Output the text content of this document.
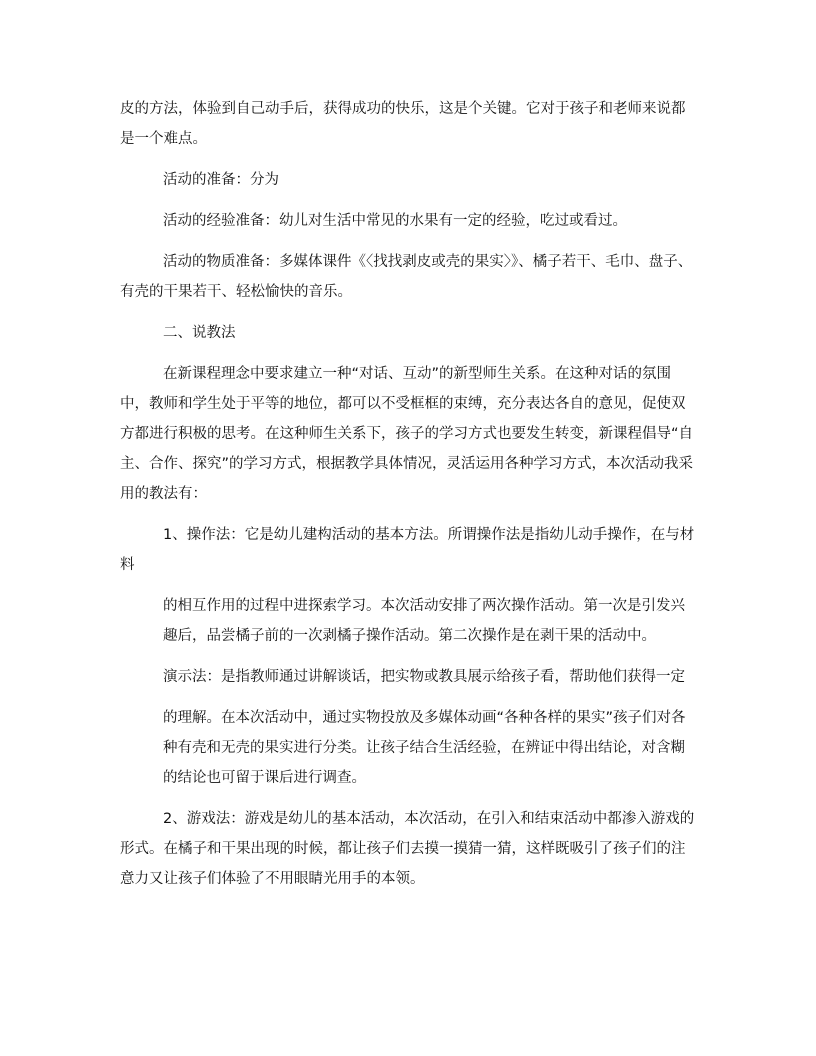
皮的方法，体验到自己动手后，获得成功的快乐，这是个关键。它对于孩子和老师来说都是一个难点。

活动的准备：分为

活动的经验准备：幼儿对生活中常见的水果有一定的经验，吃过或看过。

活动的物质准备：多媒体课件《〈找找剥皮或壳的果实〉》、橘子若干、毛巾、盘子、有壳的干果若干、轻松愉快的音乐。

二、说教法

在新课程理念中要求建立一种“对话、互动”的新型师生关系。在这种对话的氛围中，教师和学生处于平等的地位，都可以不受框框的束缚，充分表达各自的意见，促使双方都进行积极的思考。在这种师生关系下，孩子的学习方式也要发生转变，新课程倡导“自主、合作、探究”的学习方式，根据教学具体情况，灵活运用各种学习方式，本次活动我采用的教法有：

1、操作法：它是幼儿建构活动的基本方法。所谓操作法是指幼儿动手操作，在与材料

的相互作用的过程中进探索学习。本次活动安排了两次操作活动。第一次是引发兴趣后，品尝橘子前的一次剥橘子操作活动。第二次操作是在剥干果的活动中。

演示法：是指教师通过讲解谈话，把实物或教具展示给孩子看，帮助他们获得一定

的理解。在本次活动中，通过实物投放及多媒体动画“各种各样的果实”孩子们对各种有壳和无壳的果实进行分类。让孩子结合生活经验，在辨证中得出结论，对含糊的结论也可留于课后进行调查。

2、游戏法：游戏是幼儿的基本活动，本次活动，在引入和结束活动中都渗入游戏的形式。在橘子和干果出现的时候，都让孩子们去摸一摸猜一猜，这样既吸引了孩子们的注意力又让孩子们体验了不用眼睛光用手的本领。
